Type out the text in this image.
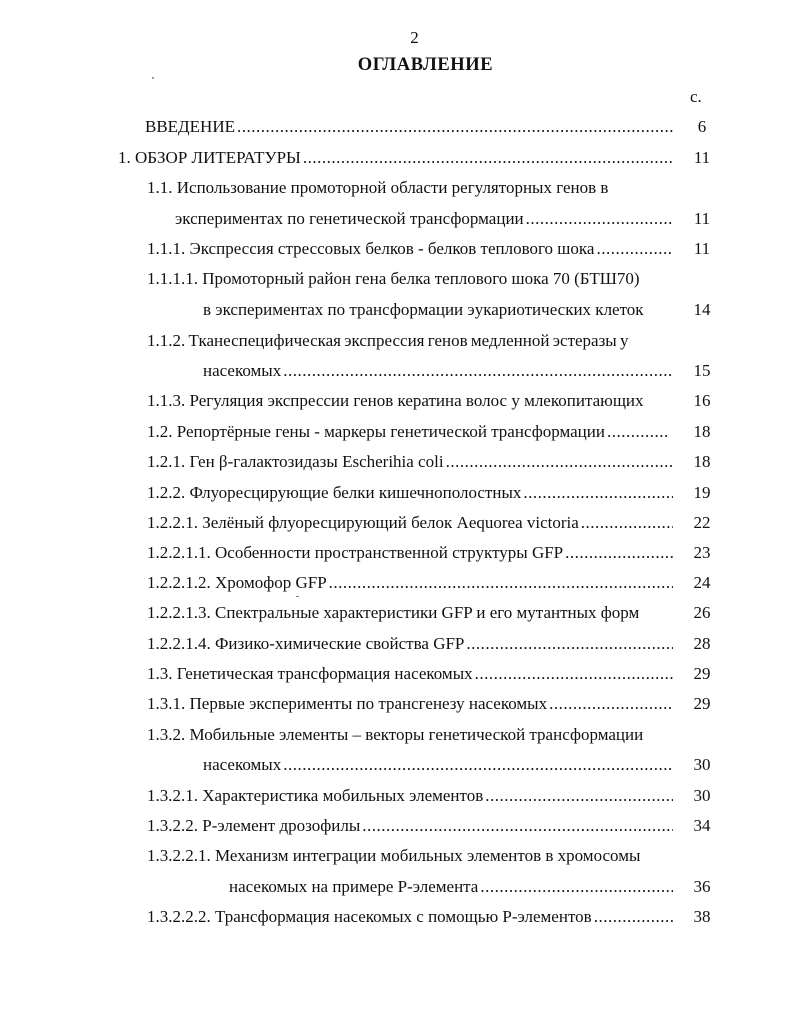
2
ОГЛАВЛЕНИЕ
с.
ВВЕДЕНИЕ .....	6
1. ОБЗОР ЛИТЕРАТУРЫ .....	11
1.1. Использование промоторной области регуляторных генов в
экспериментах по генетической трансформации .....	11
1.1.1. Экспрессия стрессовых белков - белков теплового шока .....	11
1.1.1.1. Промоторный район гена белка теплового шока 70 (БТШ70)
в экспериментах по трансформации эукариотических клеток	14
1.1.2. Тканеспецифическая экспрессия генов медленной эстеразы у
насекомых .....	15
1.1.3. Регуляция экспрессии генов кератина волос у млекопитающих	16
1.2. Репортёрные гены - маркеры генетической трансформации .....	18
1.2.1. Ген β-галактозидазы Escherihia coli .....	18
1.2.2. Флуоресцирующие белки кишечнополостных .....	19
1.2.2.1. Зелёный флуоресцирующий белок Aequorea victoria .....	22
1.2.2.1.1. Особенности пространственной структуры GFP .....	23
1.2.2.1.2. Хромофор GFP .....	24
1.2.2.1.3. Спектральные характеристики GFP и его мутантных форм	26
1.2.2.1.4. Физико-химические свойства GFP .....	28
1.3. Генетическая трансформация насекомых .....	29
1.3.1. Первые эксперименты по трансгенезу насекомых .....	29
1.3.2. Мобильные элементы – векторы генетической трансформации
насекомых .....	30
1.3.2.1. Характеристика мобильных элементов .....	30
1.3.2.2. Р-элемент дрозофилы .....	34
1.3.2.2.1. Механизм интеграции мобильных элементов в хромосомы
насекомых на примере Р-элемента .....	36
1.3.2.2.2. Трансформация насекомых с помощью Р-элементов .....	38
